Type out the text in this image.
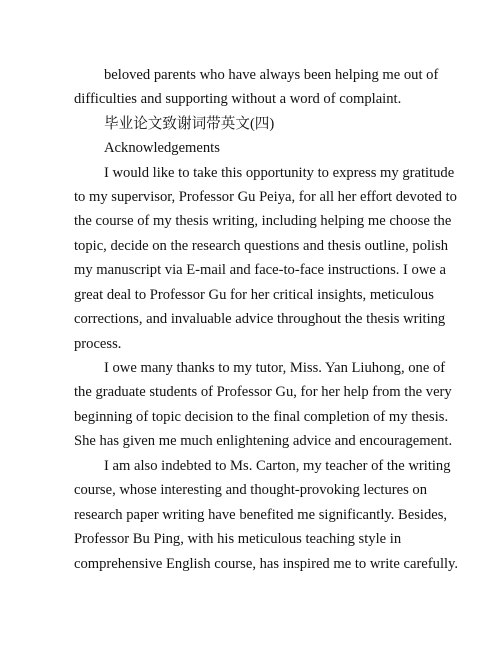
beloved parents who have always been helping me out of
difficulties and supporting without a word of complaint.
毕业论文致谢词带英文(四)
Acknowledgements
I would like to take this opportunity to express my gratitude
to my supervisor, Professor Gu Peiya, for all her effort devoted to
the course of my thesis writing, including helping me choose the
topic, decide on the research questions and thesis outline, polish
my manuscript via E-mail and face-to-face instructions. I owe a
great deal to Professor Gu for her critical insights, meticulous
corrections, and invaluable advice throughout the thesis writing
process.
I owe many thanks to my tutor, Miss. Yan Liuhong, one of
the graduate students of Professor Gu, for her help from the very
beginning of topic decision to the final completion of my thesis.
She has given me much enlightening advice and encouragement.
I am also indebted to Ms. Carton, my teacher of the writing
course, whose interesting and thought-provoking lectures on
research paper writing have benefited me significantly. Besides,
Professor Bu Ping, with his meticulous teaching style in
comprehensive English course, has inspired me to write carefully.
